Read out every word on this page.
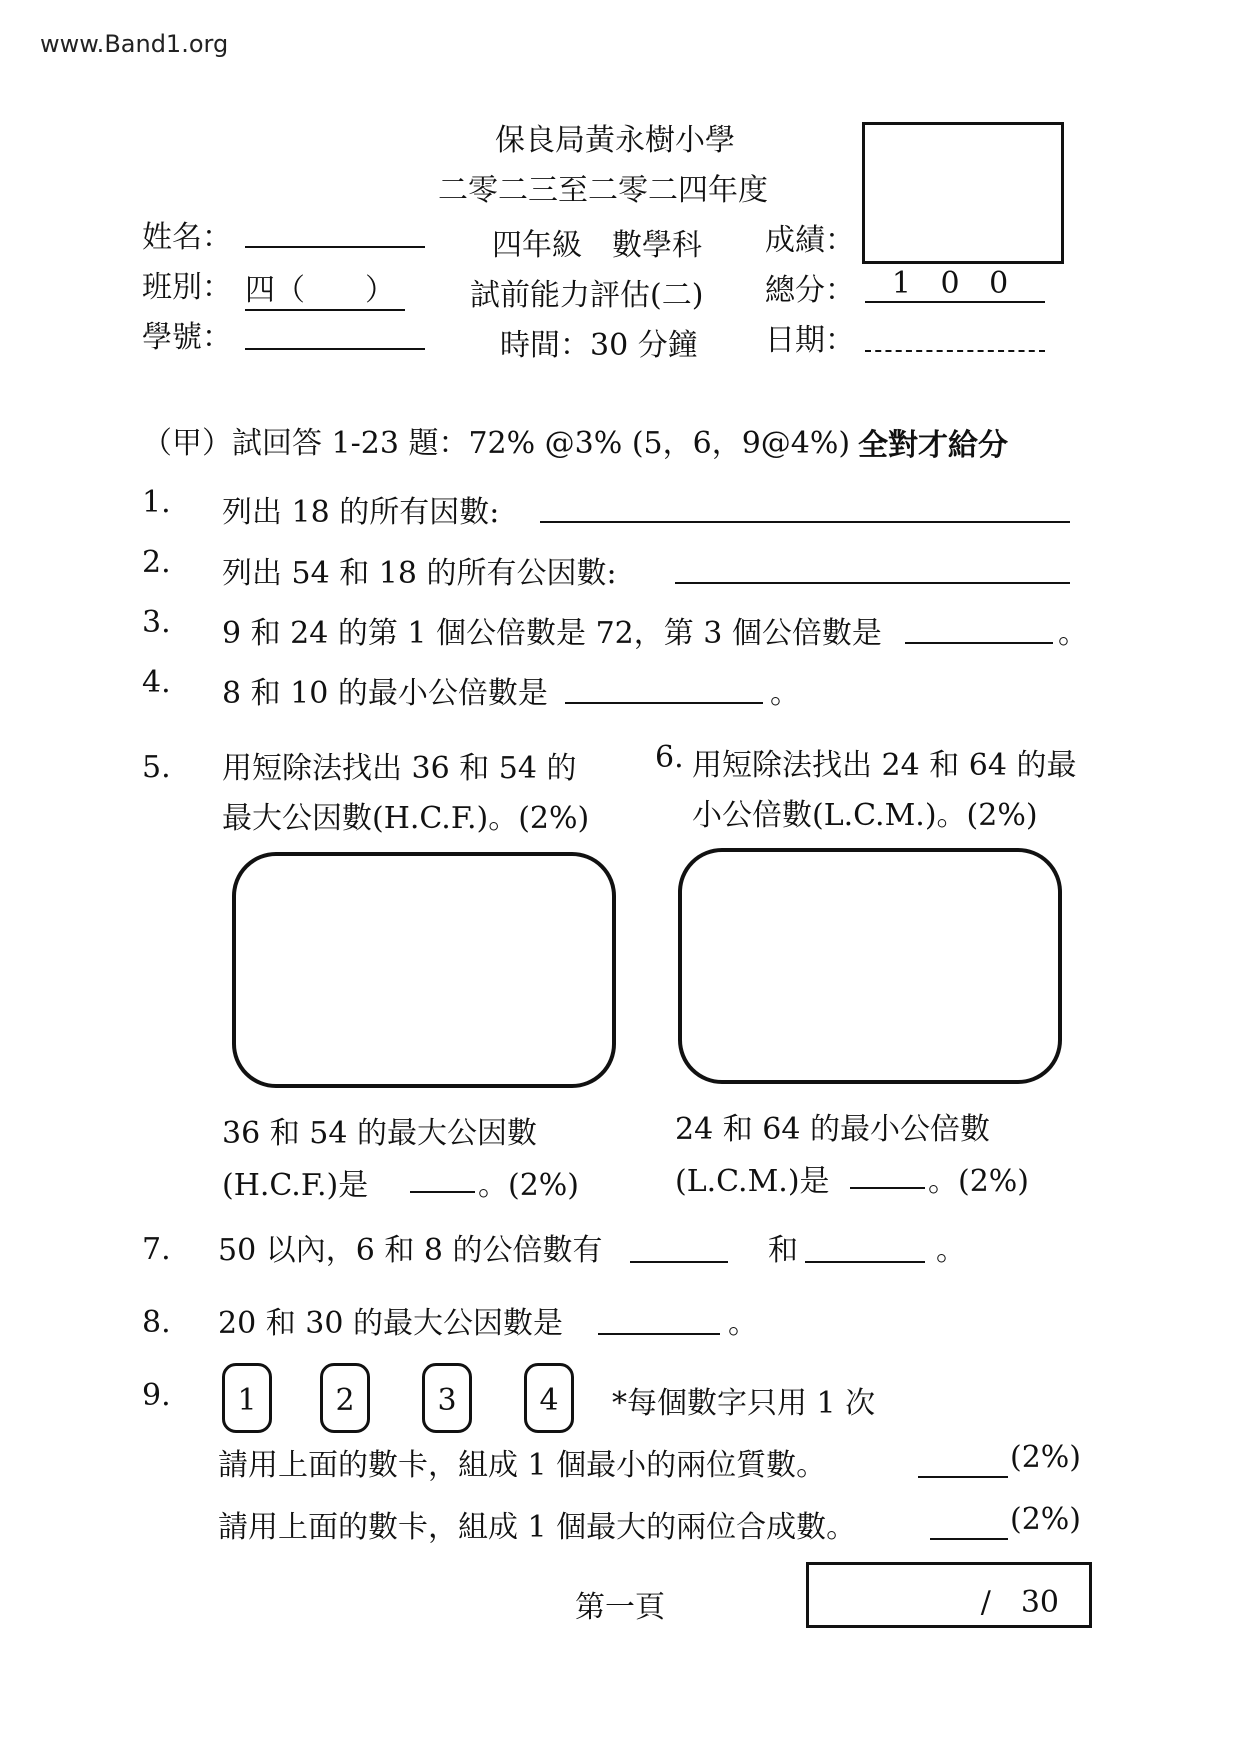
www.Band1.org
保良局黃永樹小學
二零二三至二零二四年度
姓名：	四年級　數學科 成績：
班別： 四（　　）	試前能力評估(二) 總分：	1 0 0
學號：	時間：30 分鐘 日期：
（甲）試回答 1-23 題：72% @3% (5，6，9@4%) 全對才給分
1. 列出 18 的所有因數:
2. 列出 54 和 18 的所有公因數:
3. 9 和 24 的第 1 個公倍數是 72，第 3 個公倍數是	。
4. 8 和 10 的最小公倍數是	。
5. 用短除法找出 36 和 54 的
最大公因數(H.C.F.)。(2%)
36 和 54 的最大公因數
(H.C.F.)是	。(2%)
6. 用短除法找出 24 和 64 的最
小公倍數(L.C.M.)。(2%)
24 和 64 的最小公倍數
(L.C.M.)是	。(2%)
7. 50 以內，6 和 8 的公倍數有	和	。
8. 20 和 30 的最大公因數是	。
9.	1	2	3	4	*每個數字只用 1 次
請用上面的數卡，組成 1 個最小的兩位質數。	(2%)
請用上面的數卡，組成 1 個最大的兩位合成數。	(2%)
第一頁	/　30
